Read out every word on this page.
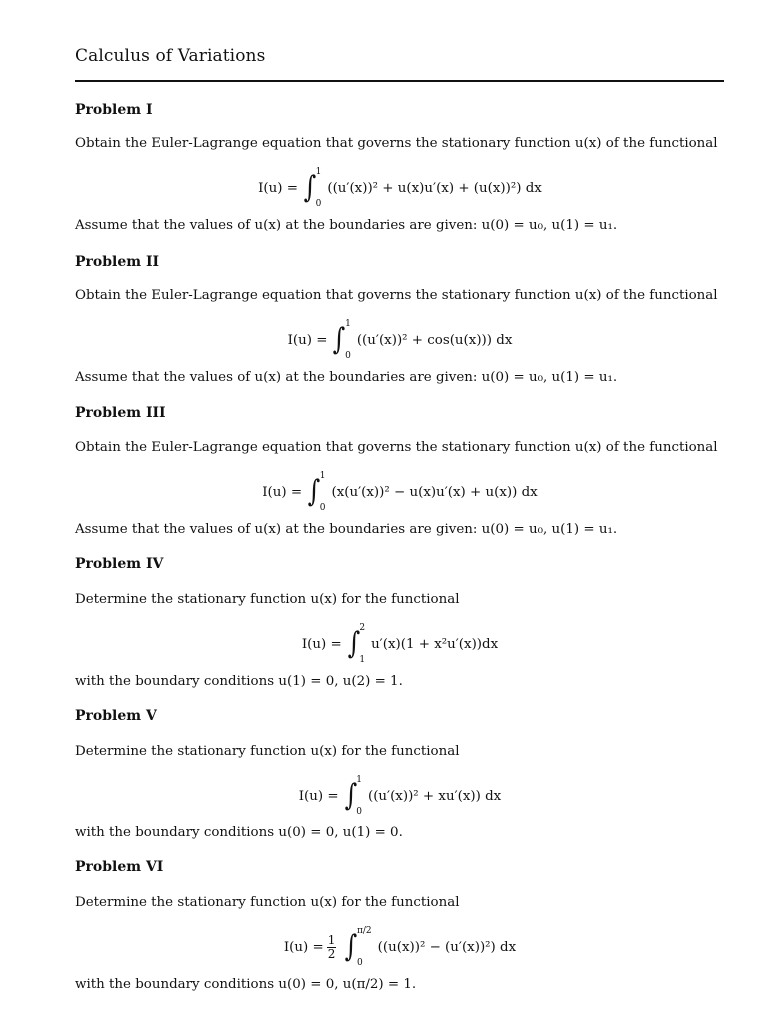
Calculus of Variations
Problem I
Obtain the Euler-Lagrange equation that governs the stationary function u(x) of the functional
I(u) = ∫ 1
0
((u′(x))² + u(x)u′(x) + (u(x))²) dx
Assume that the values of u(x) at the boundaries are given: u(0) = u₀, u(1) = u₁.
Problem II
Obtain the Euler-Lagrange equation that governs the stationary function u(x) of the functional
I(u) = ∫ 1
0
((u′(x))² + cos(u(x))) dx
Assume that the values of u(x) at the boundaries are given: u(0) = u₀, u(1) = u₁.
Problem III
Obtain the Euler-Lagrange equation that governs the stationary function u(x) of the functional
I(u) = ∫ 1
0
(x(u′(x))² − u(x)u′(x) + u(x)) dx
Assume that the values of u(x) at the boundaries are given: u(0) = u₀, u(1) = u₁.
Problem IV
Determine the stationary function u(x) for the functional
I(u) = ∫ 2
1
u′(x)(1 + x²u′(x))dx
with the boundary conditions u(1) = 0, u(2) = 1.
Problem V
Determine the stationary function u(x) for the functional
I(u) = ∫ 1
0
((u′(x))² + xu′(x)) dx
with the boundary conditions u(0) = 0, u(1) = 0.
Problem VI
Determine the stationary function u(x) for the functional
$I(u) = \frac{1}{2}$ ∫ π/2
0
((u(x))² − (u′(x))²) dx
with the boundary conditions u(0) = 0, u(π/2) = 1.
